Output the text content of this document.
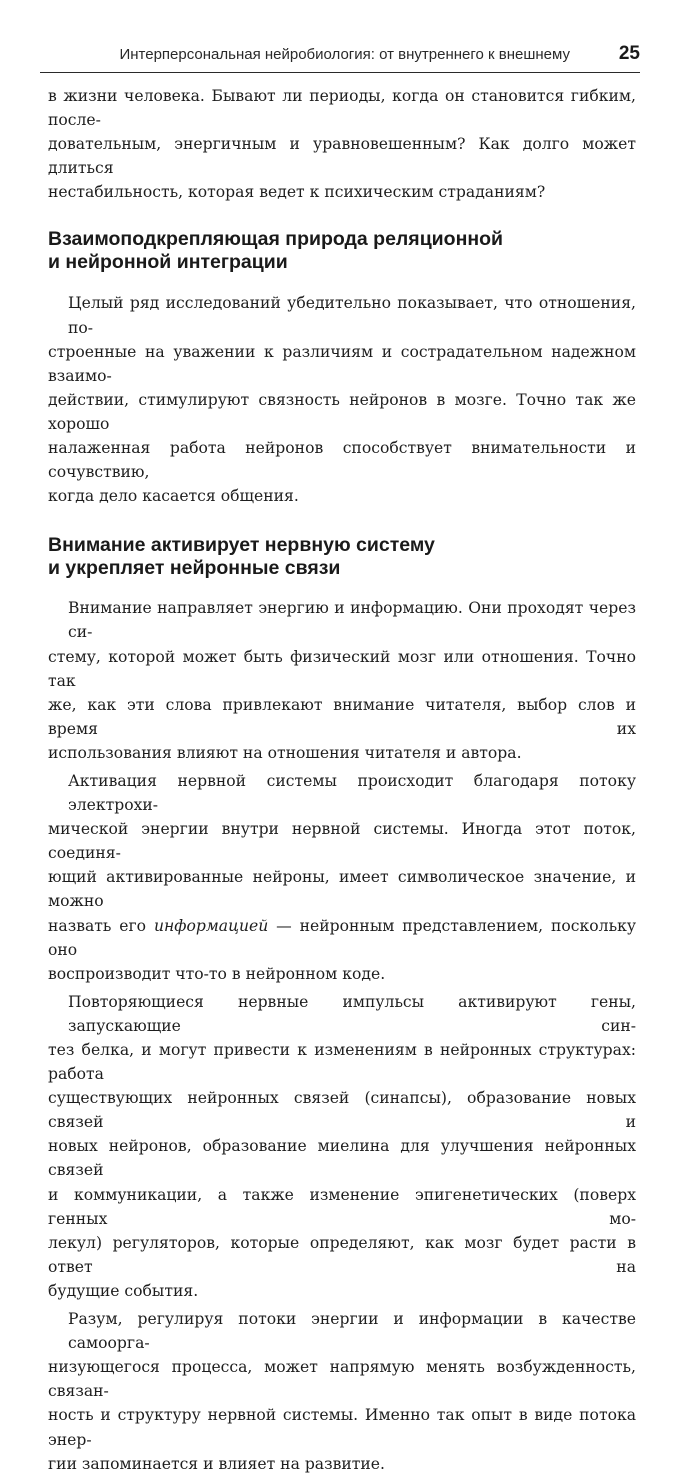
Интерперсональная нейробиология: от внутреннего к внешнему	25

в жизни человека. Бывают ли периоды, когда он становится гибким, после-
довательным, энергичным и уравновешенным? Как долго может длиться
нестабильность, которая ведет к психическим страданиям?

Взаимоподкрепляющая природа реляционной
и нейронной интеграции

Целый ряд исследований убедительно показывает, что отношения, по-
строенные на уважении к различиям и сострадательном надежном взаимо-
действии, стимулируют связность нейронов в мозге. Точно так же хорошо
налаженная работа нейронов способствует внимательности и сочувствию,
когда дело касается общения.

Внимание активирует нервную систему
и укрепляет нейронные связи

Внимание направляет энергию и информацию. Они проходят через си-
стему, которой может быть физический мозг или отношения. Точно так
же, как эти слова привлекают внимание читателя, выбор слов и время их
использования влияют на отношения читателя и автора.

Активация нервной системы происходит благодаря потоку электрохи-
мической энергии внутри нервной системы. Иногда этот поток, соединя-
ющий активированные нейроны, имеет символическое значение, и можно
назвать его информацией — нейронным представлением, поскольку оно
воспроизводит что-то в нейронном коде.

Повторяющиеся нервные импульсы активируют гены, запускающие син-
тез белка, и могут привести к изменениям в нейронных структурах: работа
существующих нейронных связей (синапсы), образование новых связей и
новых нейронов, образование миелина для улучшения нейронных связей
и коммуникации, а также изменение эпигенетических (поверх генных мо-
лекул) регуляторов, которые определяют, как мозг будет расти в ответ на
будущие события.

Разум, регулируя потоки энергии и информации в качестве самоорга-
низующегося процесса, может напрямую менять возбужденность, связан-
ность и структуру нервной системы. Именно так опыт в виде потока энер-
гии запоминается и влияет на развитие.
